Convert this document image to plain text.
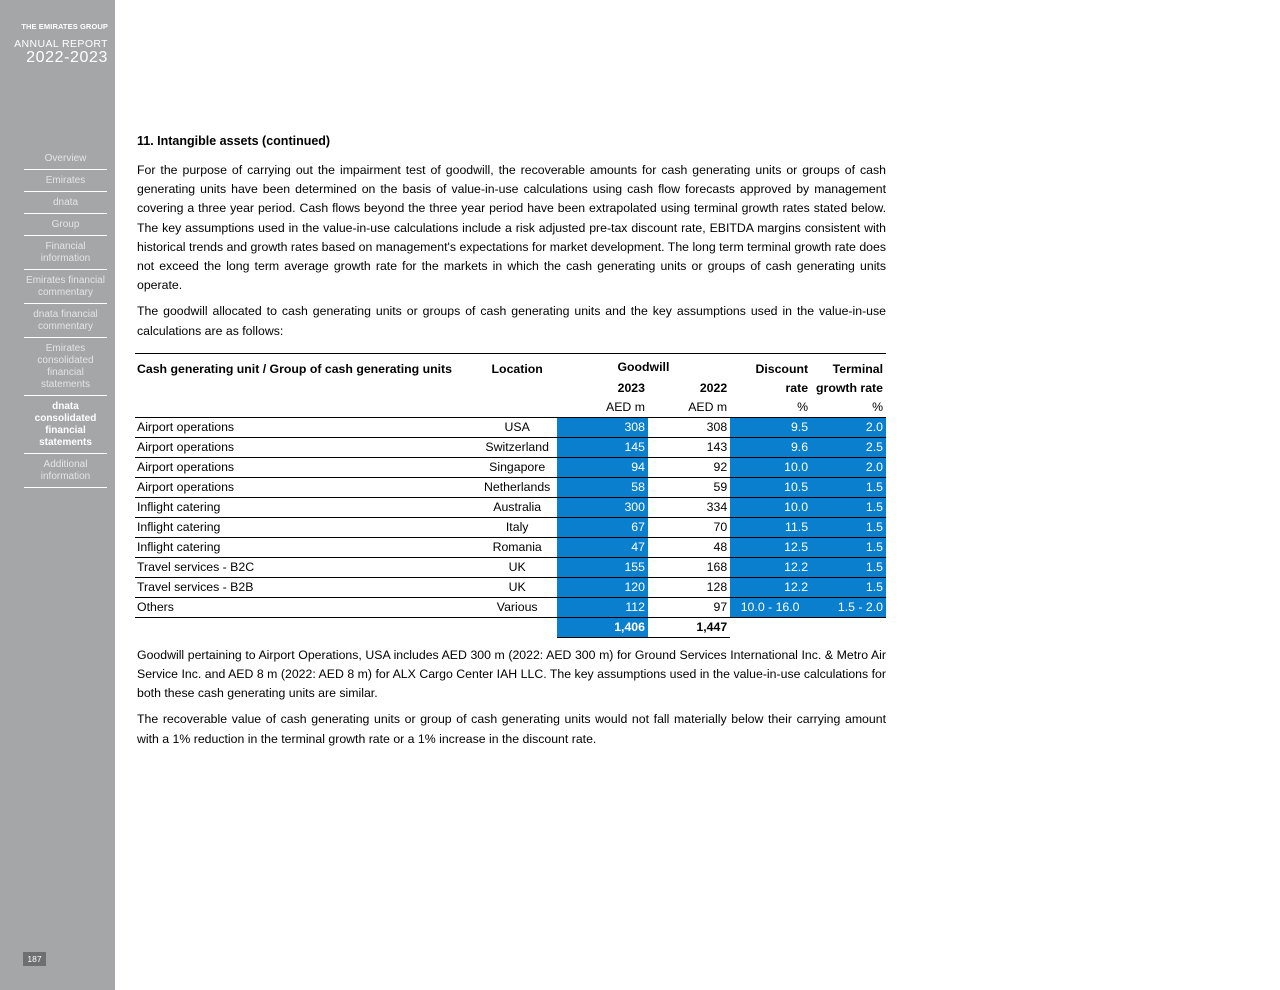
THE EMIRATES GROUP
ANNUAL REPORT
2022-2023
Overview
Emirates
dnata
Group
Financial information
Emirates financial commentary
dnata financial commentary
Emirates consolidated financial statements
dnata consolidated financial statements
Additional information
187
11. Intangible assets (continued)

For the purpose of carrying out the impairment test of goodwill, the recoverable amounts for cash generating units or groups of cash generating units have been determined on the basis of value-in-use calculations using cash flow forecasts approved by management covering a three year period. Cash flows beyond the three year period have been extrapolated using terminal growth rates stated below. The key assumptions used in the value-in-use calculations include a risk adjusted pre-tax discount rate, EBITDA margins consistent with historical trends and growth rates based on management's expectations for market development. The long term terminal growth rate does not exceed the long term average growth rate for the markets in which the cash generating units or groups of cash generating units operate.

The goodwill allocated to cash generating units or groups of cash generating units and the key assumptions used in the value-in-use calculations are as follows:

Cash generating unit / Group of cash generating units	Location	Goodwill		Discount	Terminal
		2023	2022	rate	growth rate
		AED m	AED m	%	%
Airport operations	USA	308	308	9.5	2.0
Airport operations	Switzerland	145	143	9.6	2.5
Airport operations	Singapore	94	92	10.0	2.0
Airport operations	Netherlands	58	59	10.5	1.5
Inflight catering	Australia	300	334	10.0	1.5
Inflight catering	Italy	67	70	11.5	1.5
Inflight catering	Romania	47	48	12.5	1.5
Travel services - B2C	UK	155	168	12.2	1.5
Travel services - B2B	UK	120	128	12.2	1.5
Others	Various	112	97	10.0 - 16.0	1.5 - 2.0
		1,406	1,447		

Goodwill pertaining to Airport Operations, USA includes AED 300 m (2022: AED 300 m) for Ground Services International Inc. & Metro Air Service Inc. and AED 8 m (2022: AED 8 m) for ALX Cargo Center IAH LLC. The key assumptions used in the value-in-use calculations for both these cash generating units are similar.

The recoverable value of cash generating units or group of cash generating units would not fall materially below their carrying amount with a 1% reduction in the terminal growth rate or a 1% increase in the discount rate.
